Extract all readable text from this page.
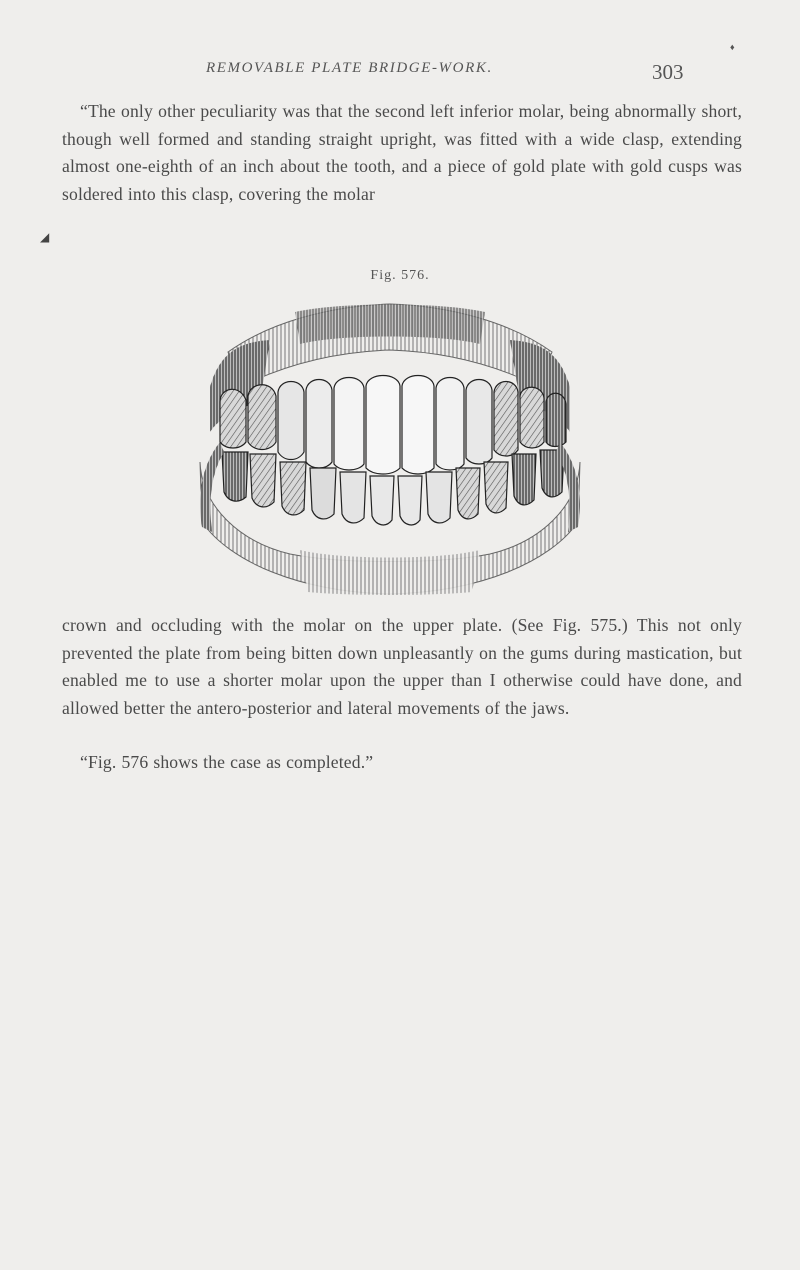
REMOVABLE PLATE BRIDGE-WORK.	303
♦
◢

“The only other peculiarity was that the second left inferior molar, being abnormally short, though well formed and standing straight upright, was fitted with a wide clasp, extending almost one-eighth of an inch about the tooth, and a piece of gold plate with gold cusps was soldered into this clasp, covering the molar

Fig. 576.

crown and occluding with the molar on the upper plate. (See Fig. 575.) This not only prevented the plate from being bitten down unpleasantly on the gums during mastication, but enabled me to use a shorter molar upon the upper than I otherwise could have done, and allowed better the antero-posterior and lateral movements of the jaws.

“Fig. 576 shows the case as completed.”
